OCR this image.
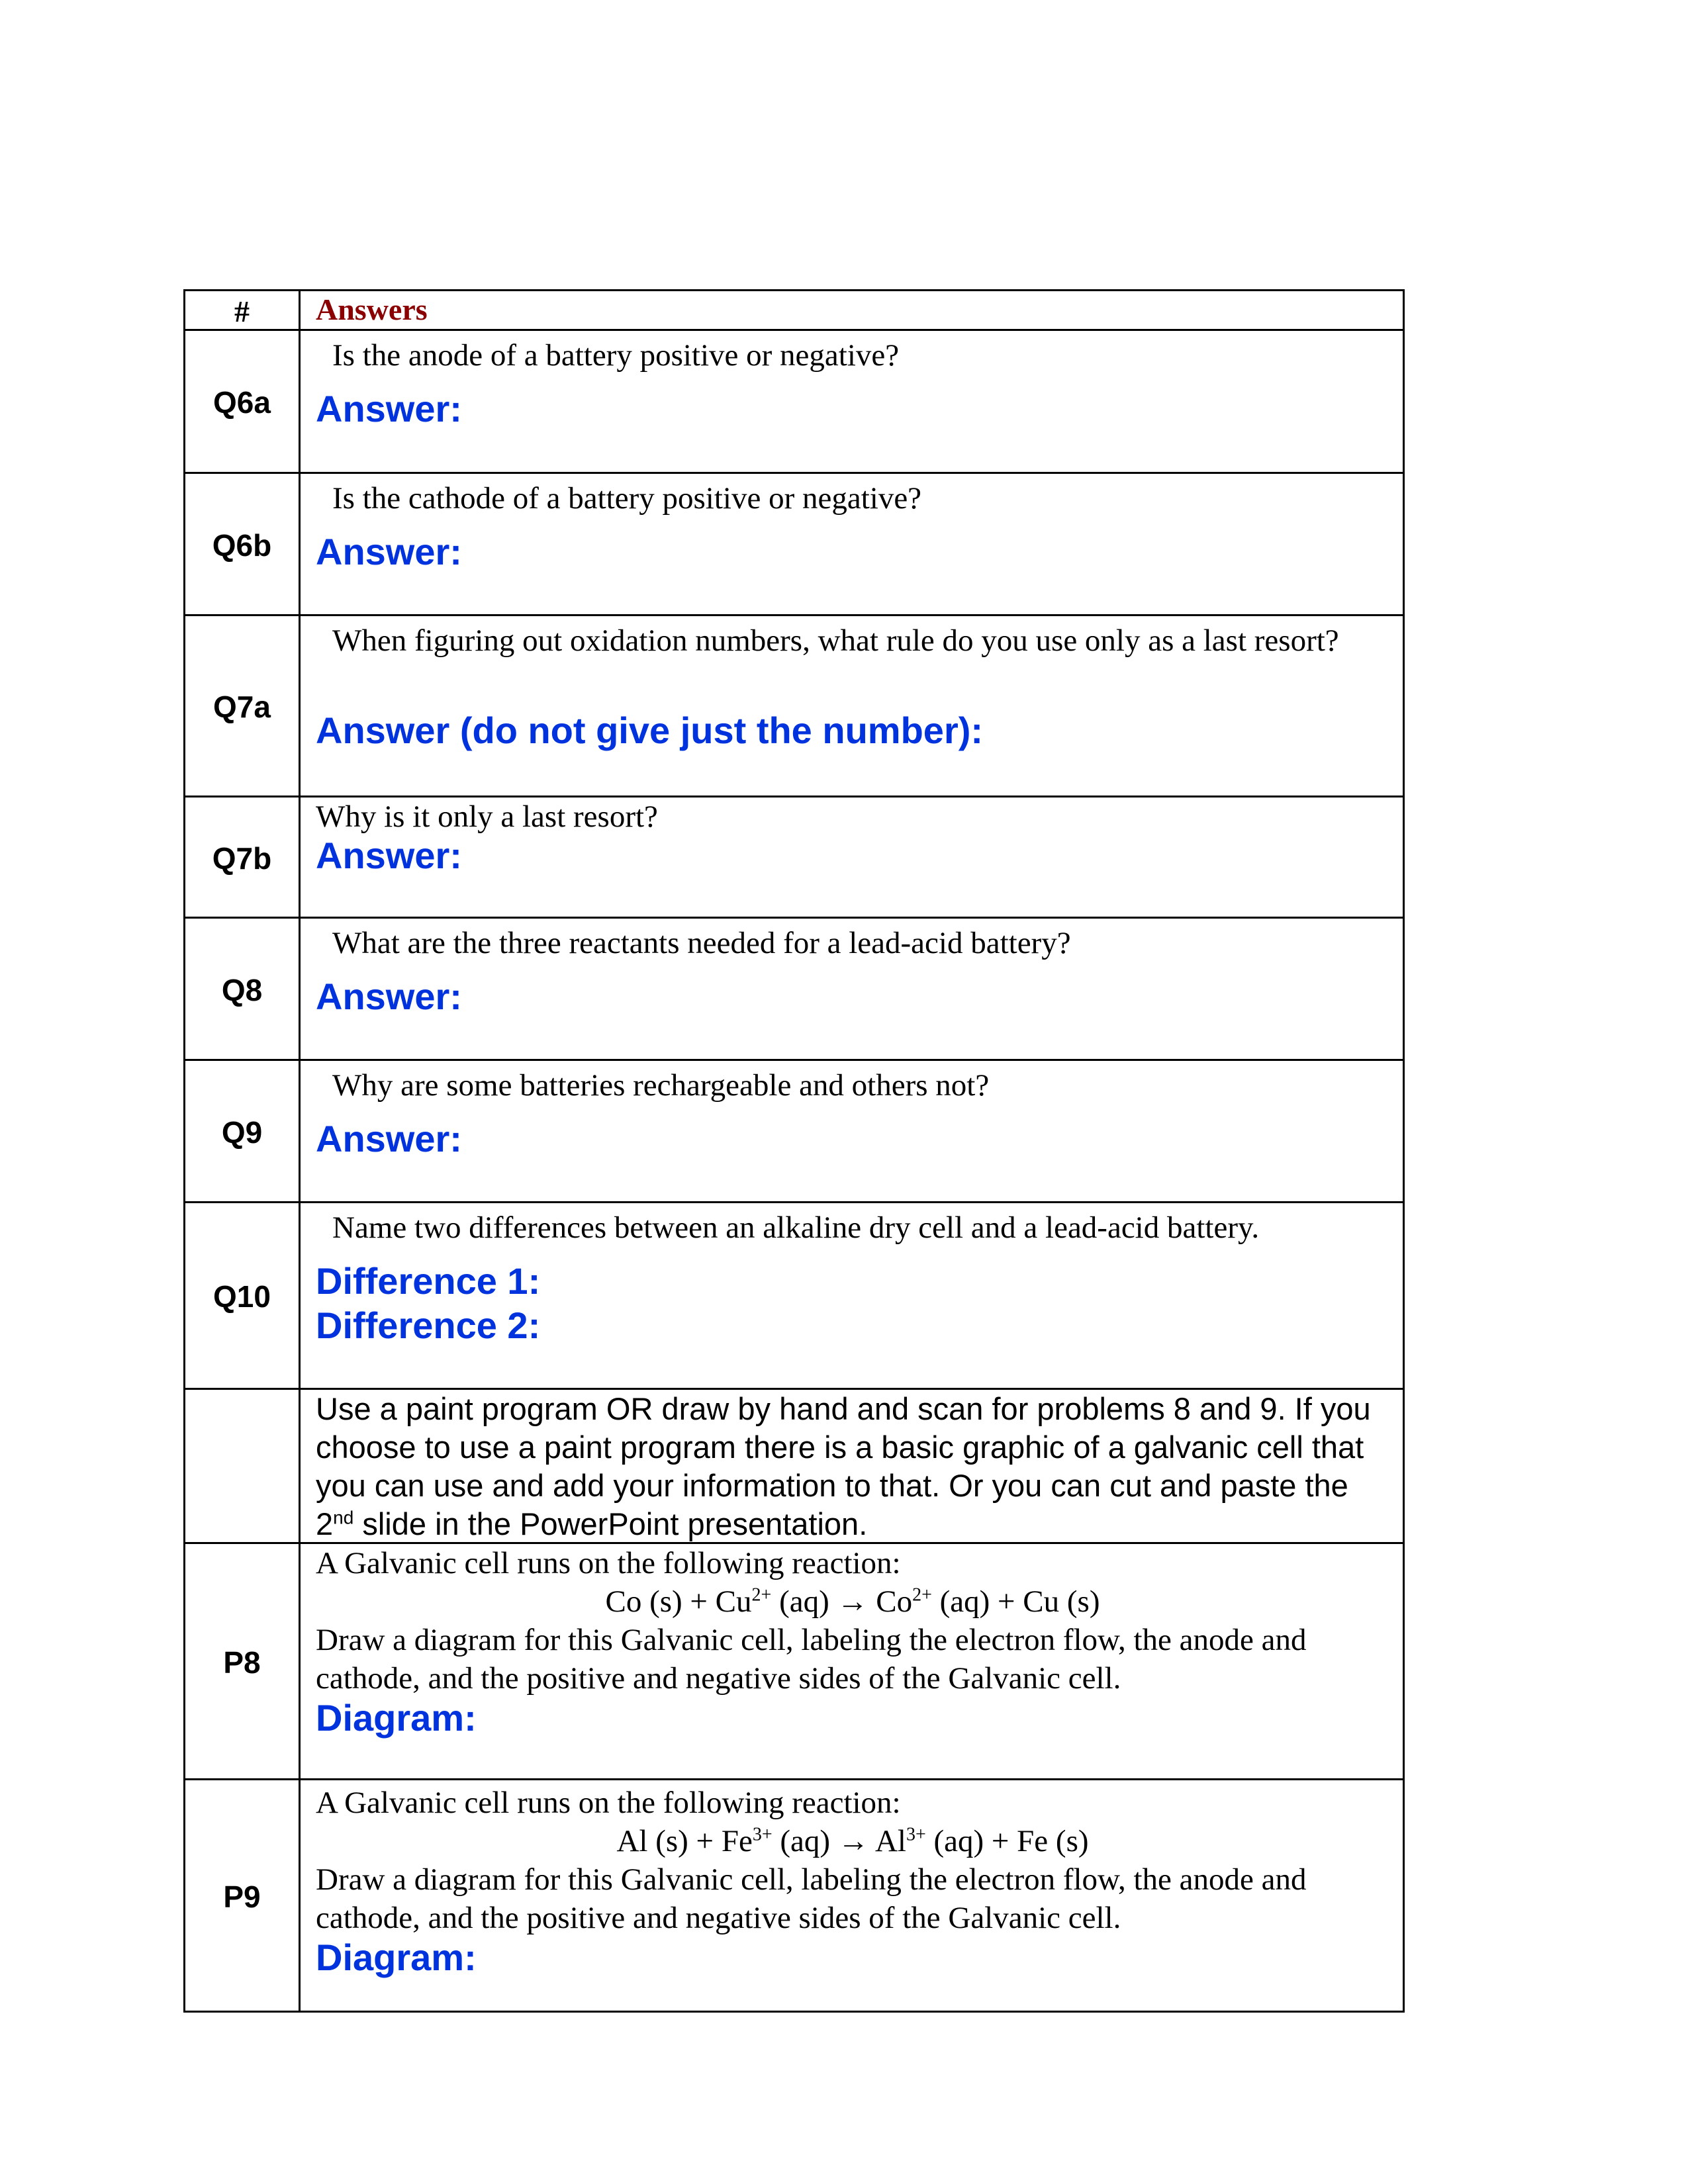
# Answers
Q6a
Is the anode of a battery positive or negative?
Answer:
Q6b
Is the cathode of a battery positive or negative?
Answer:
Q7a
When figuring out oxidation numbers, what rule do you use only as a last resort?
Answer (do not give just the number):
Q7b
Why is it only a last resort?
Answer:
Q8
What are the three reactants needed for a lead-acid battery?
Answer:
Q9
Why are some batteries rechargeable and others not?
Answer:
Q10
Name two differences between an alkaline dry cell and a lead-acid battery.
Difference 1:
Difference 2:
Use a paint program OR draw by hand and scan for problems 8 and 9. If you choose to use a paint program there is a basic graphic of a galvanic cell that you can use and add your information to that. Or you can cut and paste the 2nd slide in the PowerPoint presentation.
P8
A Galvanic cell runs on the following reaction:
Co $(s) + Cu^{2+}$ $(aq) \to Co^{2+}$ (aq) + Cu (s)
Draw a diagram for this Galvanic cell, labeling the electron flow, the anode and cathode, and the positive and negative sides of the Galvanic cell.
Diagram:
P9
A Galvanic cell runs on the following reaction:
Al $(s) + Fe^{3+}$ $(aq) \to Al^{3+}$ (aq) + Fe (s)
Draw a diagram for this Galvanic cell, labeling the electron flow, the anode and cathode, and the positive and negative sides of the Galvanic cell.
Diagram:
